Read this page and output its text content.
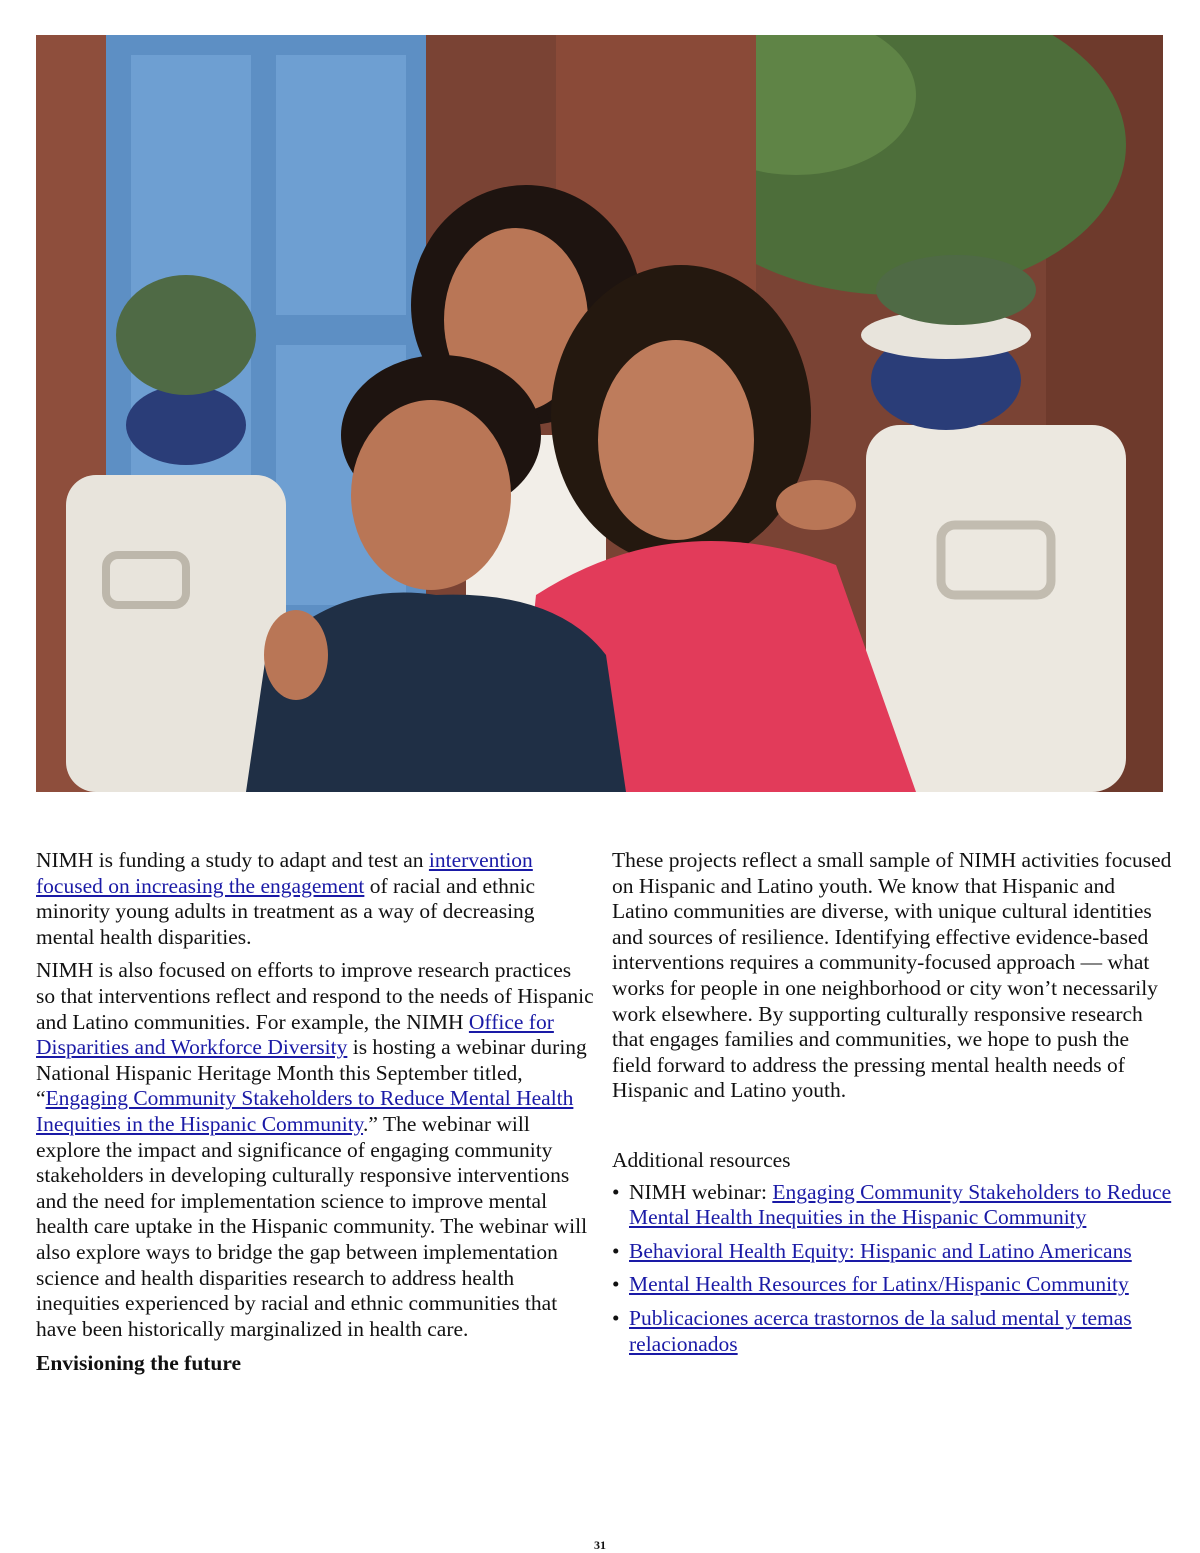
NIMH is funding a study to adapt and test an intervention focused on increasing the engagement of racial and ethnic minority young adults in treatment as a way of decreasing mental health disparities.

NIMH is also focused on efforts to improve research practices so that interventions reflect and respond to the needs of Hispanic and Latino communities. For example, the NIMH Office for Disparities and Workforce Diversity is hosting a webinar during National Hispanic Heritage Month this September titled, “Engaging Community Stakeholders to Reduce Mental Health Inequities in the Hispanic Community.” The webinar will explore the impact and significance of engaging community stakeholders in developing culturally responsive interventions and the need for implementation science to improve mental health care uptake in the Hispanic community. The webinar will also explore ways to bridge the gap between implementation science and health disparities research to address health inequities experienced by racial and ethnic communities that have been historically marginalized in health care.

Envisioning the future

These projects reflect a small sample of NIMH activities focused on Hispanic and Latino youth. We know that Hispanic and Latino communities are diverse, with unique cultural identities and sources of resilience. Identifying effective evidence-based interventions requires a community-focused approach — what works for people in one neighborhood or city won’t necessarily work elsewhere. By supporting culturally responsive research that engages families and communities, we hope to push the field forward to address the pressing mental health needs of Hispanic and Latino youth.

Additional resources
• NIMH webinar: Engaging Community Stakeholders to Reduce Mental Health Inequities in the Hispanic Community
• Behavioral Health Equity: Hispanic and Latino Americans
• Mental Health Resources for Latinx/Hispanic Community
• Publicaciones acerca trastornos de la salud mental y temas relacionados
31
